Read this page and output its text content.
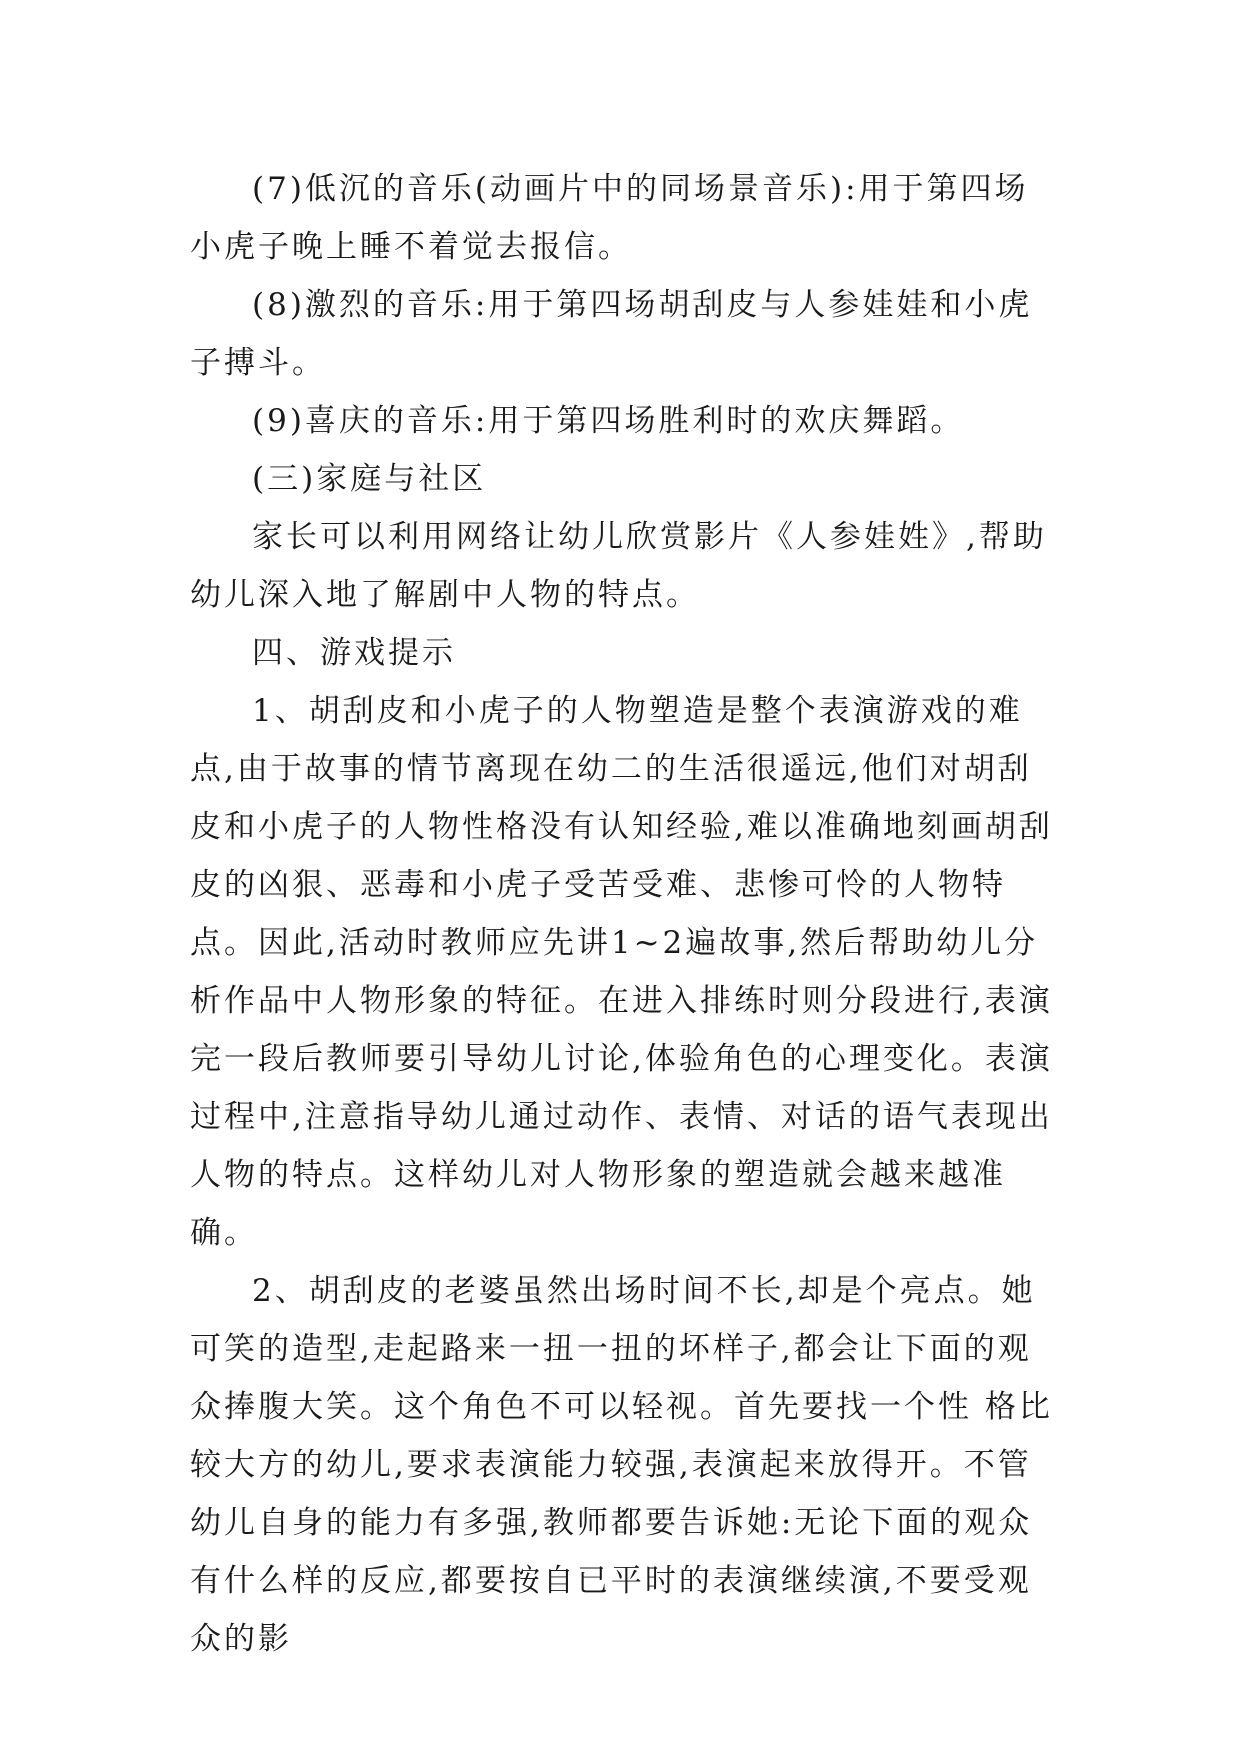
(7)低沉的音乐(动画片中的同场景音乐):用于第四场小虎子晚上睡不着觉去报信。

(8)激烈的音乐:用于第四场胡刮皮与人参娃娃和小虎子搏斗。

(9)喜庆的音乐:用于第四场胜利时的欢庆舞蹈。

(三)家庭与社区

家长可以利用网络让幼儿欣赏影片《人参娃姓》,帮助幼儿深入地了解剧中人物的特点。

四、游戏提示

1、胡刮皮和小虎子的人物塑造是整个表演游戏的难点,由于故事的情节离现在幼二的生活很遥远,他们对胡刮皮和小虎子的人物性格没有认知经验,难以准确地刻画胡刮皮的凶狠、恶毒和小虎子受苦受难、悲惨可怜的人物特点。因此,活动时教师应先讲1~2遍故事,然后帮助幼儿分析作品中人物形象的特征。在进入排练时则分段进行,表演完一段后教师要引导幼儿讨论,体验角色的心理变化。表演过程中,注意指导幼儿通过动作、表情、对话的语气表现出人物的特点。这样幼儿对人物形象的塑造就会越来越准确。

2、胡刮皮的老婆虽然出场时间不长,却是个亮点。她可笑的造型,走起路来一扭一扭的坏样子,都会让下面的观众捧腹大笑。这个角色不可以轻视。首先要找一个性 格比较大方的幼儿,要求表演能力较强,表演起来放得开。不管幼儿自身的能力有多强,教师都要告诉她:无论下面的观众有什么样的反应,都要按自已平时的表演继续演,不要受观众的影
